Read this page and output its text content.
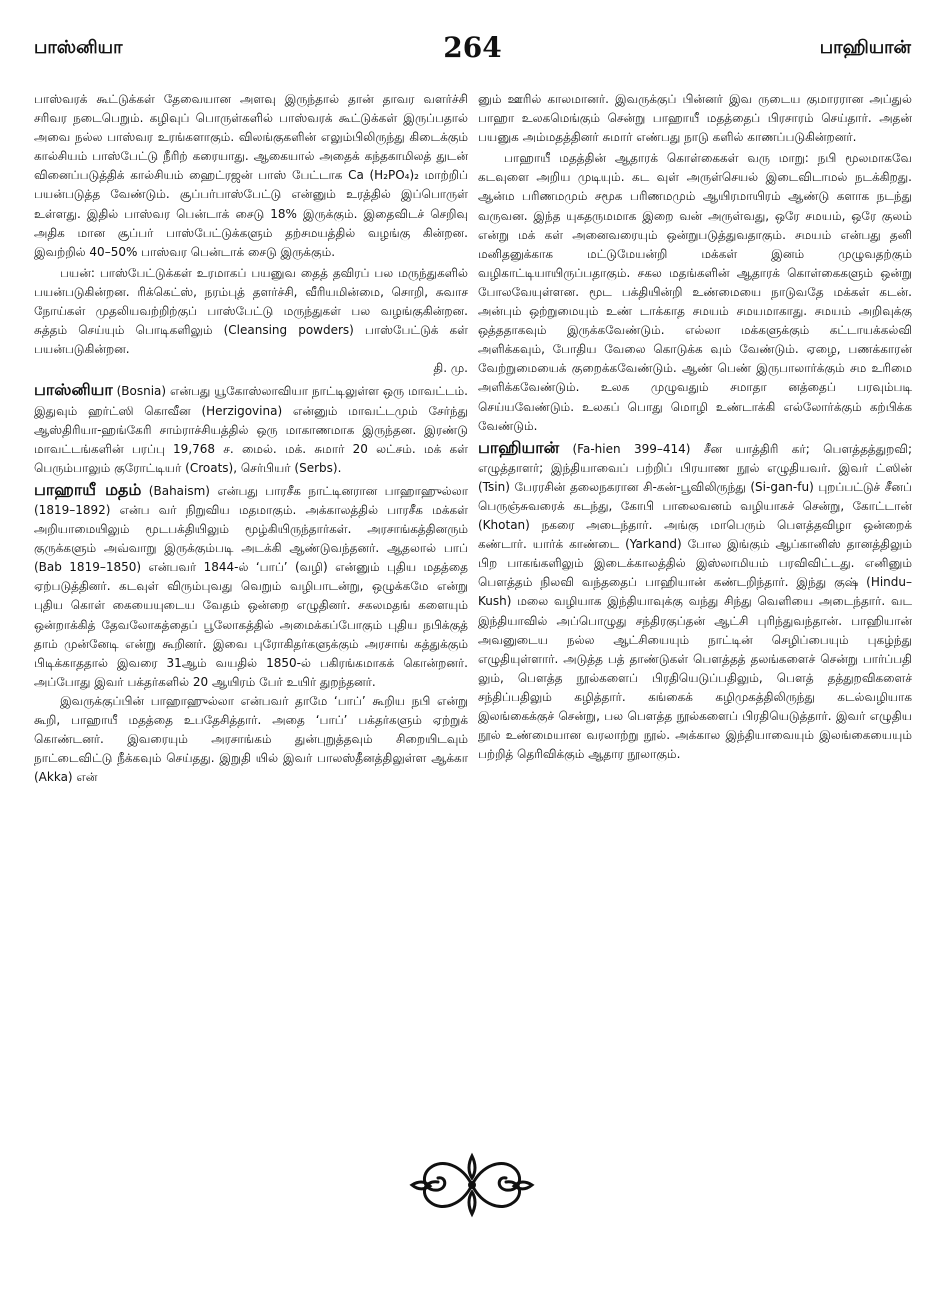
பாஸ்னியா	264	பாஹியான்

பாஸ்வரக் கூட்டுக்கள் தேவையான அளவு இருந்தால் தான் தாவர வளர்ச்சி சரிவர நடைபெறும். கழிவுப் பொருள்களில் பாஸ்வரக் கூட்டுக்கள் இருப்பதால் அவை நல்ல பாஸ்வர உரங்களாகும். விலங்குகளின் எலும்பிலிருந்து கிடைக்கும் கால்சியம் பாஸ்பேட்டு நீரிற் கரையாது. ஆகையால் அதைக் கந்தகாமிலத் துடன் வினைப்படுத்திக் கால்சியம் ஹைட்ரஜன் பாஸ் பேட்டாக Ca (H₂PO₄)₂ மாற்றிப் பயன்படுத்த வேண்டும். சூப்பர்பாஸ்பேட்டு என்னும் உரத்தில் இப்பொருள் உள்ளது. இதில் பாஸ்வர பென்டாக் சைடு 18% இருக்கும். இதைவிடச் செறிவு அதிக மான சூப்பர் பாஸ்பேட்டுக்களும் தற்சமயத்தில் வழங்கு கின்றன. இவற்றில் 40–50% பாஸ்வர பென்டாக் சைடு இருக்கும்.

பயன்: பாஸ்பேட்டுக்கள் உரமாகப் பயனுவ தைத் தவிரப் பல மருந்துகளில் பயன்படுகின்றன. ரிக்கெட்ஸ், நரம்புத் தளர்ச்சி, வீரியமின்மை, சொறி, சுவாச நோய்கள் முதலியவற்றிற்குப் பாஸ்பேட்டு மருந்துகள் பல வழங்குகின்றன. சுத்தம் செய்யும் பொடிகளிலும் (Cleansing powders) பாஸ்பேட்டுக் கள் பயன்படுகின்றன.

தி. மு.

பாஸ்னியா (Bosnia) என்பது யூகோஸ்லாவியா நாட்டிலுள்ள ஒரு மாவட்டம். இதுவும் ஹர்ட்ஸி கொவீன (Herzigovina) என்னும் மாவட்டமும் சேர்ந்து ஆஸ்திரியா-ஹங்கேரி சாம்ராச்சியத்தில் ஒரு மாகாணமாக இருந்தன. இரண்டு மாவட்டங்களின் பரப்பு 19,768 ச. மைல். மக். சுமார் 20 லட்சம். மக் கள் பெரும்பாலும் குரோட்டியர் (Croats), செர்பியர் (Serbs).

பாஹாயீ மதம் (Bahaism) என்பது பாரசீக நாட்டினரான பாஹாஹுல்லா (1819–1892) என்ப வர் நிறுவிய மதமாகும். அக்காலத்தில் பாரசீக மக்கள் அறியாமையிலும் மூடபக்தியிலும் மூழ்கியிருந்தார்கள். அரசாங்கத்தினரும் குருக்களும் அவ்வாறு இருக்கும்படி அடக்கி ஆண்டுவந்தனர். ஆதலால் பாப் (Bab 1819–1850) என்பவர் 1844-ல் ‘பாப்’ (வழி) என்னும் புதிய மதத்தை ஏற்படுத்தினர். கடவுள் விரும்புவது வெறும் வழிபாடன்று, ஒழுக்கமே என்று புதிய கொள் கையையுடைய வேதம் ஒன்றை எழுதினர். சகலமதங் களையும் ஒன்றாக்கித் தேவலோகத்தைப் பூலோகத்தில் அமைக்கப்போகும் புதிய நபிக்குத் தாம் முன்னேடி என்று கூறினர். இவை புரோகிதர்களுக்கும் அரசாங் கத்துக்கும் பிடிக்காததால் இவரை 31ஆம் வயதில் 1850-ல் பகிரங்கமாகக் கொன்றனர். அப்போது இவர் பக்தர்களில் 20 ஆயிரம் பேர் உயிர் துறந்தனர்.

இவருக்குப்பின் பாஹாஹுல்லா என்பவர் தாமே ‘பாப்’ கூறிய நபி என்று கூறி, பாஹாயீ மதத்தை உபதேசித்தார். அதை ‘பாப்’ பக்தர்களும் ஏற்றுக் கொண்டனர். இவரையும் அரசாங்கம் துன்புறுத்தவும் சிறையிடவும் நாட்டைவிட்டு நீக்கவும் செய்தது. இறுதி யில் இவர் பாலஸ்தீனத்திலுள்ள ஆக்கா (Akka) என்

னும் ஊரில் காலமானர். இவருக்குப் பின்னர் இவ ருடைய குமாரரான அப்துல் பாஹா உலகமெங்கும் சென்று பாஹாயீ மதத்தைப் பிரசாரம் செய்தார். அதன் பயனுக அம்மதத்தினர் சுமார் எண்பது நாடு களில் காணப்படுகின்றனர்.

பாஹாயீ மதத்தின் ஆதாரக் கொள்கைகள் வரு மாறு: நபி மூலமாகவே கடவுளை அறிய முடியும். கட வுள் அருள்செயல் இடைவிடாமல் நடக்கிறது. ஆன்ம பரிணமமும் சமூக பரிணமமும் ஆயிரமாயிரம் ஆண்டு களாக நடந்து வருவன. இந்த யுகதருமமாக இறை வன் அருள்வது, ஒரே சமயம், ஒரே குலம் என்று மக் கள் அனைவரையும் ஒன்றுபடுத்துவதாகும். சமயம் என்பது தனி மனிதனுக்காக மட்டுமேயன்றி மக்கள் இனம் முழுவதற்கும் வழிகாட்டியாயிருப்பதாகும். சகல மதங்களின் ஆதாரக் கொள்கைகளும் ஒன்று போலவேயுள்ளன. மூட பக்தியின்றி உண்மையை நாடுவதே மக்கள் கடன். அன்பும் ஒற்றுமையும் உண் டாக்காத சமயம் சமயமாகாது. சமயம் அறிவுக்கு ஒத்ததாகவும் இருக்கவேண்டும். எல்லா மக்களுக்கும் கட்டாயக்கல்வி அளிக்கவும், போதிய வேலை கொடுக்க வும் வேண்டும். ஏழை, பணக்காரன் வேற்றுமையைக் குறைக்கவேண்டும். ஆண் பெண் இருபாலார்க்கும் சம உரிமை அளிக்கவேண்டும். உலக முழுவதும் சமாதா னத்தைப் பரவும்படி செய்யவேண்டும். உலகப் பொது மொழி உண்டாக்கி எல்லோர்க்கும் கற்பிக்க வேண்டும்.

பாஹியான் (Fa-hien 399–414) சீன யாத்திரி கர்; பௌத்தத்துறவி; எழுத்தாளர்; இந்தியாவைப் பற்றிப் பிரயாண நூல் எழுதியவர். இவர் ட்ஸின் (Tsin) பேரரசின் தலைநகரான சி-கன்-பூவிலிருந்து (Si-gan-fu) புறப்பட்டுச் சீனப் பெருஞ்சுவரைக் கடந்து, கோபி பாலைவனம் வழியாகச் சென்று, கோட்டான் (Khotan) நகரை அடைந்தார். அங்கு மாபெரும் பௌத்தவிழா ஒன்றைக் கண்டார். யார்க் காண்டை (Yarkand) போல இங்கும் ஆப்கானிஸ் தானத்திலும் பிற பாகங்களிலும் இடைக்காலத்தில் இஸ்லாமியம் பரவிவிட்டது. எனினும் பௌத்தம் நிலவி வந்ததைப் பாஹியான் கண்டறிந்தார். இந்து குஷ் (Hindu–Kush) மலை வழியாக இந்தியாவுக்கு வந்து சிந்து வெளியை அடைந்தார். வட இந்தியாவில் அப்பொழுது சந்திரகுப்தன் ஆட்சி புரிந்துவந்தான். பாஹியான் அவனுடைய நல்ல ஆட்சியையும் நாட்டின் செழிப்பையும் புகழ்ந்து எழுதியுள்ளார். அடுத்த பத் தாண்டுகள் பௌத்தத் தலங்களைச் சென்று பார்ப்பதி லும், பௌத்த நூல்களைப் பிரதியெடுப்பதிலும், பௌத் தத்துறவிகளைச் சந்திப்பதிலும் கழித்தார். கங்கைக் கழிமுகத்திலிருந்து கடல்வழியாக இலங்கைக்குச் சென்று, பல பௌத்த நூல்களைப் பிரதியெடுத்தார். இவர் எழுதிய நூல் உண்மையான வரலாற்று நூல். அக்கால இந்தியாவையும் இலங்கையையும் பற்றித் தெரிவிக்கும் ஆதார நூலாகும்.
